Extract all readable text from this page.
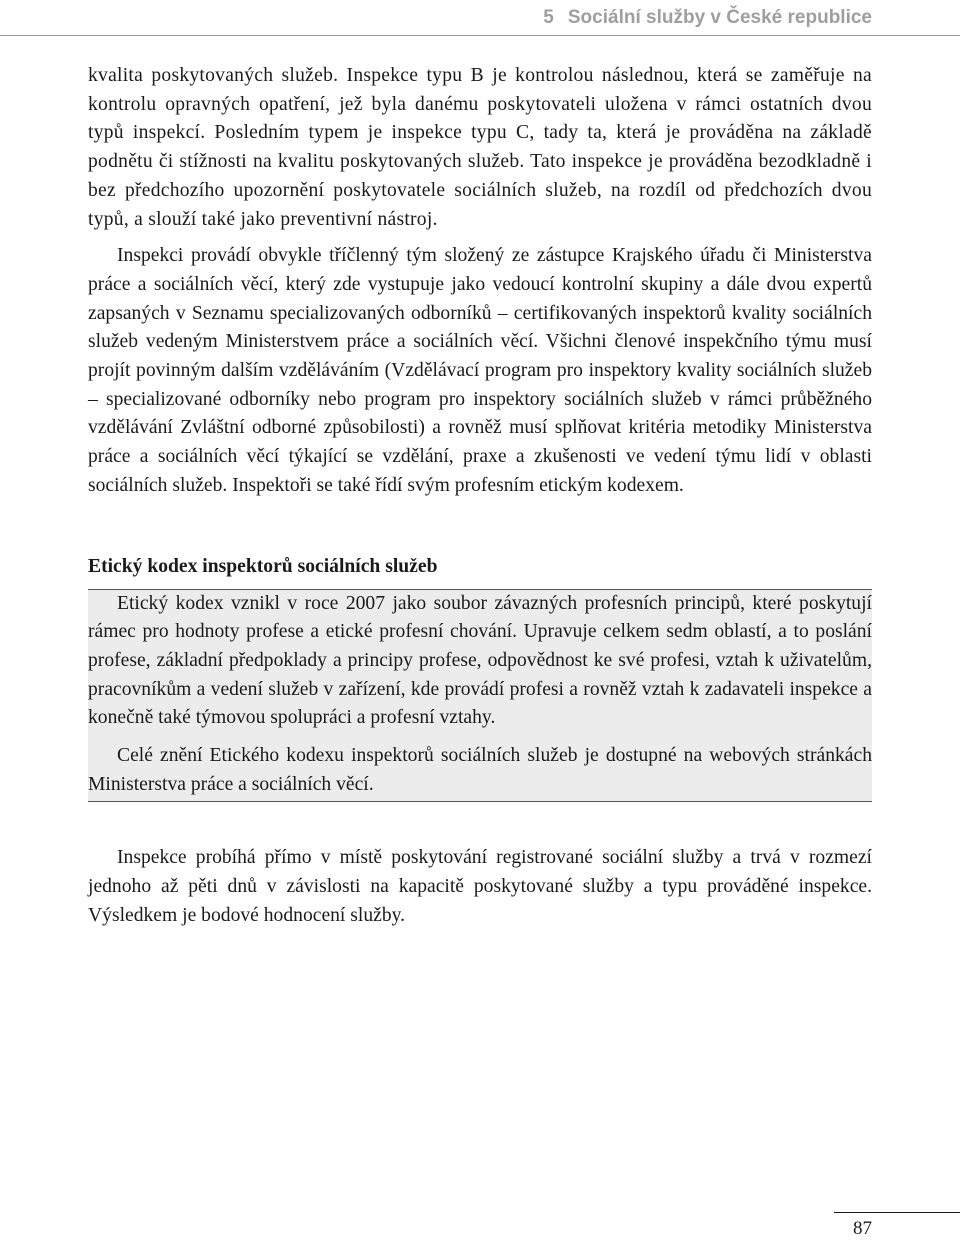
5 Sociální služby v České republice

kvalita poskytovaných služeb. Inspekce typu B je kontrolou následnou, která se zaměřuje na kontrolu opravných opatření, jež byla danému poskytovateli uložena v rámci ostatních dvou typů inspekcí. Posledním typem je inspekce typu C, tady ta, která je prováděna na základě podnětu či stížnosti na kvalitu poskytovaných služeb. Tato inspekce je prováděna bezodkladně i bez předchozího upozornění poskytovatele sociálních služeb, na rozdíl od předchozích dvou typů, a slouží také jako preventivní nástroj.

Inspekci provádí obvykle tříčlenný tým složený ze zástupce Krajského úřadu či Ministerstva práce a sociálních věcí, který zde vystupuje jako vedoucí kontrolní skupiny a dále dvou expertů zapsaných v Seznamu specializovaných odborníků – certifikovaných inspektorů kvality sociálních služeb vedeným Ministerstvem práce a sociálních věcí. Všichni členové inspekčního týmu musí projít povinným dalším vzděláváním (Vzdělávací program pro inspektory kvality sociálních služeb – specializované odborníky nebo program pro inspektory sociálních služeb v rámci průběžného vzdělávání Zvláštní odborné způsobilosti) a rovněž musí splňovat kritéria metodiky Ministerstva práce a sociálních věcí týkající se vzdělání, praxe a zkušenosti ve vedení týmu lidí v oblasti sociálních služeb. Inspektoři se také řídí svým profesním etickým kodexem.

Etický kodex inspektorů sociálních služeb

Etický kodex vznikl v roce 2007 jako soubor závazných profesních principů, které poskytují rámec pro hodnoty profese a etické profesní chování. Upravuje celkem sedm oblastí, a to poslání profese, základní předpoklady a principy profese, odpovědnost ke své profesi, vztah k uživatelům, pracovníkům a vedení služeb v zařízení, kde provádí profesi a rovněž vztah k zadavateli inspekce a konečně také týmovou spolupráci a profesní vztahy.

Celé znění Etického kodexu inspektorů sociálních služeb je dostupné na webových stránkách Ministerstva práce a sociálních věcí.

Inspekce probíhá přímo v místě poskytování registrované sociální služby a trvá v rozmezí jednoho až pěti dnů v závislosti na kapacitě poskytované služby a typu prováděné inspekce. Výsledkem je bodové hodnocení služby.

87
